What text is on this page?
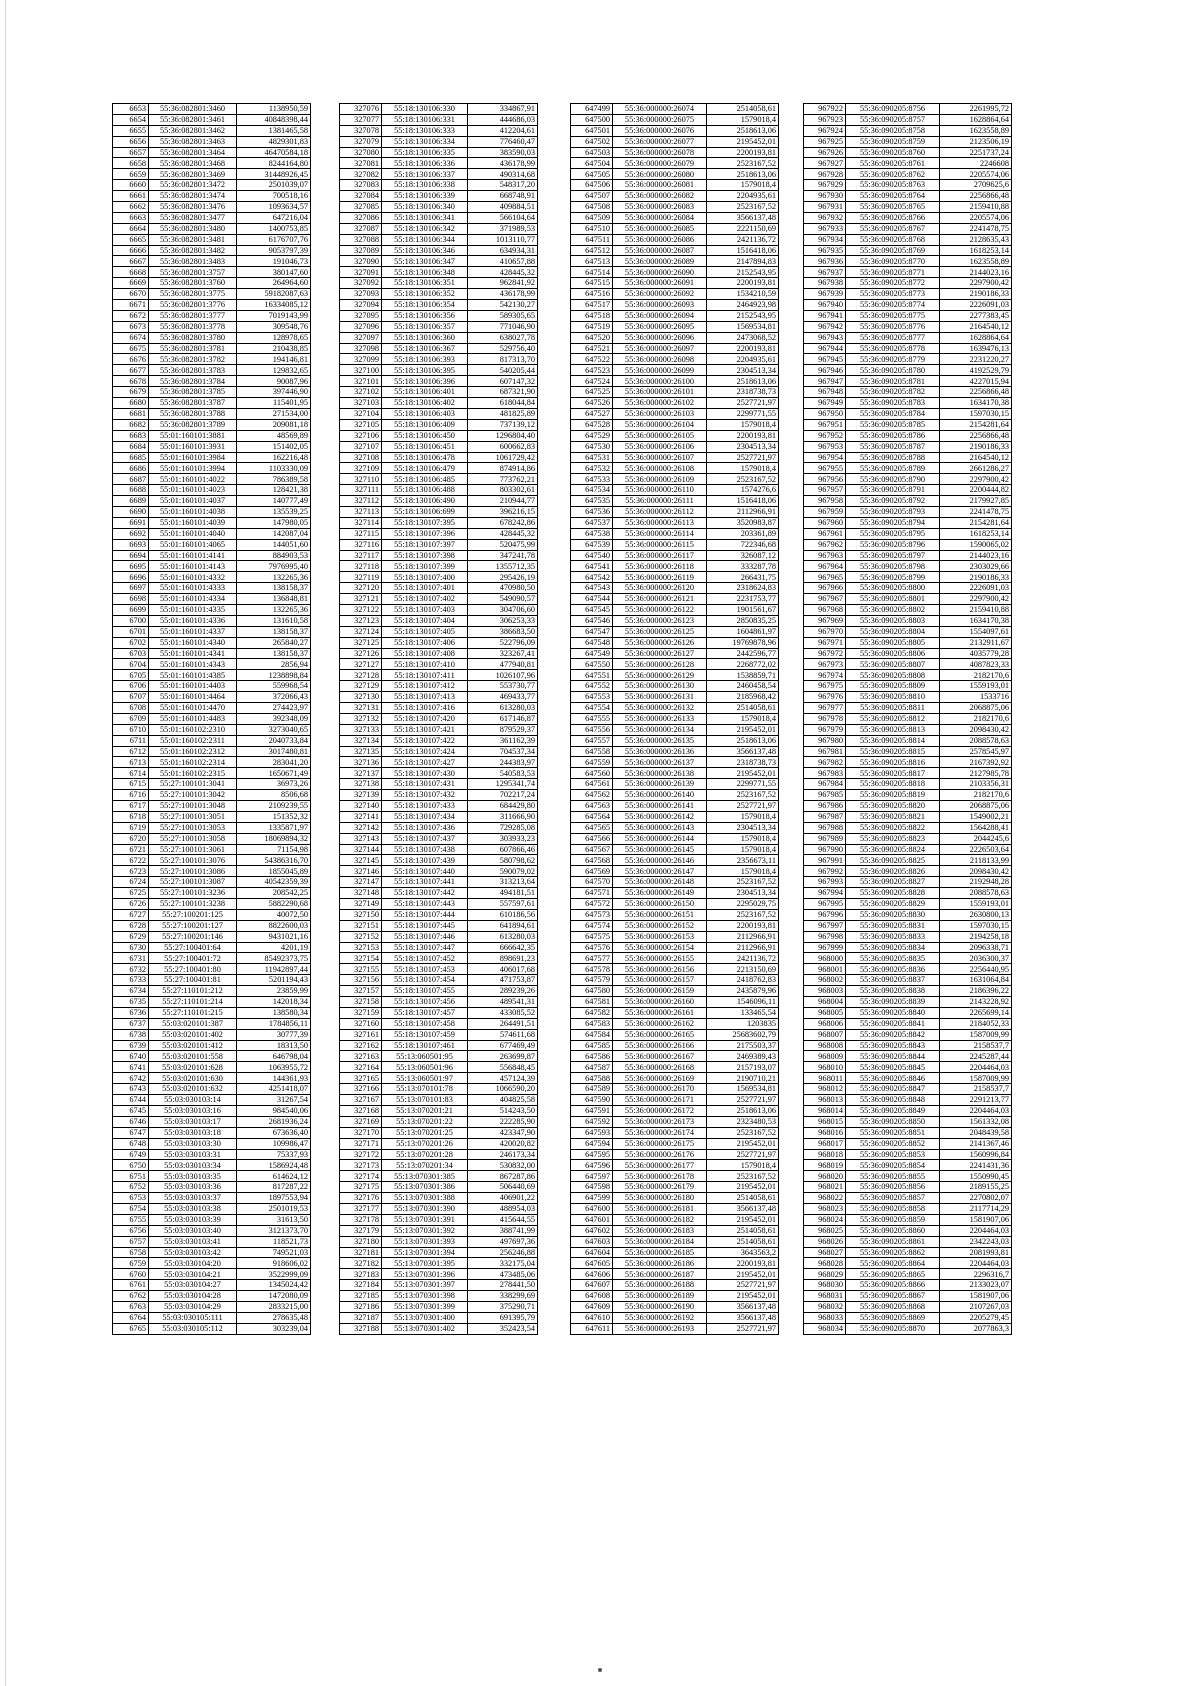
6653	55:36:082801:3460	1138950,59
6654	55:36:082801:3461	40848398,44
6655	55:36:082801:3462	1381465,58
6656	55:36:082801:3463	4829301,83
6657	55:36:082801:3464	46470584,18
6658	55:36:082801:3468	8244164,80
6659	55:36:082801:3469	31448926,45
6660	55:36:082801:3472	2501039,07
6661	55:36:082801:3474	700518,16
6662	55:36:082801:3476	1093634,57
6663	55:36:082801:3477	647216,04
6664	55:36:082801:3480	1400753,85
6665	55:36:082801:3481	6176707,76
6666	55:36:082801:3482	9053797,39
6667	55:36:082801:3483	191046,73
6668	55:36:082801:3757	380147,60
6669	55:36:082801:3760	264964,60
6670	55:36:082801:3775	59182087,63
6671	55:36:082801:3776	16334085,12
6672	55:36:082801:3777	7019143,99
6673	55:36:082801:3778	309548,76
6674	55:36:082801:3780	128978,65
6675	55:36:082801:3781	210438,85
6676	55:36:082801:3782	194146,81
6677	55:36:082801:3783	129832,65
6678	55:36:082801:3784	90087,96
6679	55:36:082801:3785	397446,90
6680	55:36:082801:3787	115401,95
6681	55:36:082801:3788	271534,00
6682	55:36:082801:3789	209081,18
6683	55:01:160101:3881	48569,89
6684	55:01:160101:3931	151402,05
6685	55:01:160101:3984	162216,48
6686	55:01:160101:3994	1103330,09
6687	55:01:160101:4022	786389,58
6688	55:01:160101:4023	128421,38
6689	55:01:160101:4037	140777,49
6690	55:01:160101:4038	135539,25
6691	55:01:160101:4039	147980,05
6692	55:01:160101:4040	142087,04
6693	55:01:160101:4065	144051,60
6694	55:01:160101:4141	884903,53
6695	55:01:160101:4143	7976995,40
6696	55:01:160101:4332	132265,36
6697	55:01:160101:4333	138158,37
6698	55:01:160101:4334	136848,81
6699	55:01:160101:4335	132265,36
6700	55:01:160101:4336	131610,58
6701	55:01:160101:4337	138158,37
6702	55:01:160101:4340	265840,27
6703	55:01:160101:4341	138158,37
6704	55:01:160101:4343	2856,94
6705	55:01:160101:4385	1238898,84
6706	55:01:160101:4403	559968,54
6707	55:01:160101:4464	372066,43
6708	55:01:160101:4470	274423,97
6709	55:01:160101:4483	392348,09
6710	55:01:160102:2310	3273040,65
6711	55:01:160102:2311	2040733,84
6712	55:01:160102:2312	3017480,81
6713	55:01:160102:2314	283041,20
6714	55:01:160102:2315	1650671,49
6715	55:27:100101:3041	36973,26
6716	55:27:100101:3042	8506,68
6717	55:27:100101:3048	2109239,55
6718	55:27:100101:3051	151352,32
6719	55:27:100101:3053	1335871,97
6720	55:27:100101:3058	18069894,32
6721	55:27:100101:3061	71154,98
6722	55:27:100101:3076	54386316,70
6723	55:27:100101:3086	1855045,89
6724	55:27:100101:3087	40542359,39
6725	55:27:100101:3236	208542,25
6726	55:27:100101:3238	5882290,68
6727	55:27:100201:125	40072,50
6728	55:27:100201:127	8822600,03
6729	55:27:100201:146	9431021,16
6730	55:27:100401:64	4201,19
6731	55:27:100401:72	85492373,75
6732	55:27:100401:80	11942897,44
6733	55:27:100401:81	5201194,43
6734	55:27:110101:212	23859,99
6735	55:27:110101:214	142018,34
6736	55:27:110101:215	138580,34
6737	55:03:020101:387	1784856,11
6738	55:03:020101:402	30777,39
6739	55:03:020101:412	18313,50
6740	55:03:020101:558	646798,04
6741	55:03:020101:628	1063955,72
6742	55:03:020101:630	144361,93
6743	55:03:020101:632	4251418,07
6744	55:03:030103:14	31267,54
6745	55:03:030103:16	984540,06
6746	55:03:030103:17	2681936,24
6747	55:03:030103:18	673636,40
6748	55:03:030103:30	109986,47
6749	55:03:030103:31	75337,93
6750	55:03:030103:34	1586924,48
6751	55:03:030103:35	614624,12
6752	55:03:030103:36	817287,22
6753	55:03:030103:37	1897553,94
6754	55:03:030103:38	2501019,53
6755	55:03:030103:39	31613,50
6756	55:03:030103:40	3121373,70
6757	55:03:030103:41	118521,73
6758	55:03:030103:42	749521,03
6759	55:03:030104:20	918606,02
6760	55:03:030104:21	3522999,09
6761	55:03:030104:27	1345024,42
6762	55:03:030104:28	1472080,09
6763	55:03:030104:29	2833215,00
6764	55:03:030105:111	278635,48
6765	55:03:030105:112	303239,04
327076	55:18:130106:330	334867,91
327077	55:18:130106:331	444686,03
327078	55:18:130106:333	412204,61
327079	55:18:130106:334	776460,47
327080	55:18:130106:335	383590,03
327081	55:18:130106:336	436178,99
327082	55:18:130106:337	490314,68
327083	55:18:130106:338	548317,20
327084	55:18:130106:339	668748,91
327085	55:18:130106:340	409884,51
327086	55:18:130106:341	566104,64
327087	55:18:130106:342	371989,53
327088	55:18:130106:344	1013110,77
327089	55:18:130106:346	634934,31
327090	55:18:130106:347	410657,88
327091	55:18:130106:348	428445,32
327092	55:18:130106:351	962841,92
327093	55:18:130106:352	436178,99
327094	55:18:130106:354	542130,27
327095	55:18:130106:356	589305,65
327096	55:18:130106:357	771046,90
327097	55:18:130106:360	638027,78
327098	55:18:130106:367	529756,40
327099	55:18:130106:393	817313,70
327100	55:18:130106:395	540205,44
327101	55:18:130106:396	607147,32
327102	55:18:130106:401	687321,90
327103	55:18:130106:402	618044,84
327104	55:18:130106:403	481825,89
327105	55:18:130106:409	737139,12
327106	55:18:130106:450	1296804,40
327107	55:18:130106:451	600662,83
327108	55:18:130106:478	1061729,42
327109	55:18:130106:479	874914,86
327110	55:18:130106:485	773762,21
327111	55:18:130106:488	803302,61
327112	55:18:130106:490	210944,77
327113	55:18:130106:699	396216,15
327114	55:18:130107:395	678242,86
327115	55:18:130107:396	428445,32
327116	55:18:130107:397	520475,99
327117	55:18:130107:398	347241,78
327118	55:18:130107:399	1355712,35
327119	55:18:130107:400	295426,19
327120	55:18:130107:401	470980,50
327121	55:18:130107:402	549090,57
327122	55:18:130107:403	304706,60
327123	55:18:130107:404	306253,33
327124	55:18:130107:405	386683,50
327125	55:18:130107:406	522796,09
327126	55:18:130107:408	323267,41
327127	55:18:130107:410	477940,81
327128	55:18:130107:411	1026107,96
327129	55:18:130107:412	553730,77
327130	55:18:130107:413	469433,77
327131	55:18:130107:416	613280,03
327132	55:18:130107:420	617146,87
327133	55:18:130107:421	879529,37
327134	55:18:130107:422	361162,39
327135	55:18:130107:424	704537,34
327136	55:18:130107:427	244383,97
327137	55:18:130107:430	540583,53
327138	55:18:130107:431	1295341,74
327139	55:18:130107:432	702217,24
327140	55:18:130107:433	684429,80
327141	55:18:130107:434	311666,90
327142	55:18:130107:436	729285,08
327143	55:18:130107:437	303933,23
327144	55:18:130107:438	607866,46
327145	55:18:130107:439	580798,62
327146	55:18:130107:440	590079,02
327147	55:18:130107:441	313213,64
327148	55:18:130107:442	494181,51
327149	55:18:130107:443	557597,61
327150	55:18:130107:444	610186,56
327151	55:18:130107:445	641894,61
327152	55:18:130107:446	613280,03
327153	55:18:130107:447	666642,35
327154	55:18:130107:452	898691,23
327155	55:18:130107:453	406017,68
327156	55:18:130107:454	471753,87
327157	55:18:130107:455	289239,26
327158	55:18:130107:456	489541,31
327159	55:18:130107:457	433085,52
327160	55:18:130107:458	264491,51
327161	55:18:130107:459	574611,68
327162	55:18:130107:461	677469,49
327163	55:13:060501:95	263699,87
327164	55:13:060501:96	556848,45
327165	55:13:060501:97	457124,39
327166	55:13:070101:78	1066590,20
327167	55:13:070101:83	404825,58
327168	55:13:070201:21	514243,50
327169	55:13:070201:22	222285,90
327170	55:13:070201:25	423347,90
327171	55:13:070201:26	420020,82
327172	55:13:070201:28	246173,34
327173	55:13:070201:34	530832,00
327174	55:13:070301:385	867287,86
327175	55:13:070301:386	506440,69
327176	55:13:070301:388	406901,22
327177	55:13:070301:390	488954,03
327178	55:13:070301:391	415644,55
327179	55:13:070301:392	388741,99
327180	55:13:070301:393	497697,36
327181	55:13:070301:394	256246,88
327182	55:13:070301:395	332175,04
327183	55:13:070301:396	473485,06
327184	55:13:070301:397	278441,50
327185	55:13:070301:398	338299,69
327186	55:13:070301:399	375290,71
327187	55:13:070301:400	691395,79
327188	55:13:070301:402	352423,54
647499	55:36:000000:26074	2514058,61
647500	55:36:000000:26075	1579018,4
647501	55:36:000000:26076	2518613,06
647502	55:36:000000:26077	2195452,01
647503	55:36:000000:26078	2200193,81
647504	55:36:000000:26079	2523167,52
647505	55:36:000000:26080	2518613,06
647506	55:36:000000:26081	1579018,4
647507	55:36:000000:26082	2204935,61
647508	55:36:000000:26083	2523167,52
647509	55:36:000000:26084	3566137,48
647510	55:36:000000:26085	2221150,69
647511	55:36:000000:26086	2421136,72
647512	55:36:000000:26087	1516418,06
647513	55:36:000000:26089	2147894,83
647514	55:36:000000:26090	2152543,95
647515	55:36:000000:26091	2200193,81
647516	55:36:000000:26092	1534210,59
647517	55:36:000000:26093	2464923,98
647518	55:36:000000:26094	2152543,95
647519	55:36:000000:26095	1569534,81
647520	55:36:000000:26096	2473068,52
647521	55:36:000000:26097	2200193,81
647522	55:36:000000:26098	2204935,61
647523	55:36:000000:26099	2304513,34
647524	55:36:000000:26100	2518613,06
647525	55:36:000000:26101	2318738,73
647526	55:36:000000:26102	2527721,97
647527	55:36:000000:26103	2299771,55
647528	55:36:000000:26104	1579018,4
647529	55:36:000000:26105	2200193,81
647530	55:36:000000:26106	2304513,34
647531	55:36:000000:26107	2527721,97
647532	55:36:000000:26108	1579018,4
647533	55:36:000000:26109	2523167,52
647534	55:36:000000:26110	1574276,6
647535	55:36:000000:26111	1516418,06
647536	55:36:000000:26112	2112966,91
647537	55:36:000000:26113	3520983,87
647538	55:36:000000:26114	203361,89
647539	55:36:000000:26115	722346,68
647540	55:36:000000:26117	326087,12
647541	55:36:000000:26118	333287,78
647542	55:36:000000:26119	266431,75
647543	55:36:000000:26120	2318624,83
647544	55:36:000000:26121	2231753,77
647545	55:36:000000:26122	1901561,67
647546	55:36:000000:26123	2850835,25
647547	55:36:000000:26125	1604861,97
647548	55:36:000000:26126	19769878,96
647549	55:36:000000:26127	2442596,77
647550	55:36:000000:26128	2268772,02
647551	55:36:000000:26129	1538859,71
647552	55:36:000000:26130	2460458,54
647553	55:36:000000:26131	2185968,42
647554	55:36:000000:26132	2514058,61
647555	55:36:000000:26133	1579018,4
647556	55:36:000000:26134	2195452,01
647557	55:36:000000:26135	2518613,06
647558	55:36:000000:26136	3566137,48
647559	55:36:000000:26137	2318738,73
647560	55:36:000000:26138	2195452,01
647561	55:36:000000:26139	2299771,55
647562	55:36:000000:26140	2523167,52
647563	55:36:000000:26141	2527721,97
647564	55:36:000000:26142	1579018,4
647565	55:36:000000:26143	2304513,34
647566	55:36:000000:26144	1579018,4
647567	55:36:000000:26145	1579018,4
647568	55:36:000000:26146	2356673,11
647569	55:36:000000:26147	1579018,4
647570	55:36:000000:26148	2523167,52
647571	55:36:000000:26149	2304513,34
647572	55:36:000000:26150	2295029,75
647573	55:36:000000:26151	2523167,52
647574	55:36:000000:26152	2200193,81
647575	55:36:000000:26153	2112966,91
647576	55:36:000000:26154	2112966,91
647577	55:36:000000:26155	2421136,72
647578	55:36:000000:26156	2213150,69
647579	55:36:000000:26157	2418762,83
647580	55:36:000000:26159	2435879,96
647581	55:36:000000:26160	1546096,11
647582	55:36:000000:26161	133465,54
647583	55:36:000000:26162	1203835
647584	55:36:000000:26165	25683602,79
647585	55:36:000000:26166	2175503,37
647586	55:36:000000:26167	2469389,43
647587	55:36:000000:26168	2157193,07
647588	55:36:000000:26169	2190710,21
647589	55:36:000000:26170	1569534,81
647590	55:36:000000:26171	2527721,97
647591	55:36:000000:26172	2518613,06
647592	55:36:000000:26173	2323480,53
647593	55:36:000000:26174	2523167,52
647594	55:36:000000:26175	2195452,01
647595	55:36:000000:26176	2527721,97
647596	55:36:000000:26177	1579018,4
647597	55:36:000000:26178	2523167,52
647598	55:36:000000:26179	2195452,01
647599	55:36:000000:26180	2514058,61
647600	55:36:000000:26181	3566137,48
647601	55:36:000000:26182	2195452,01
647602	55:36:000000:26183	2514058,61
647603	55:36:000000:26184	2514058,61
647604	55:36:000000:26185	3643563,2
647605	55:36:000000:26186	2200193,81
647606	55:36:000000:26187	2195452,01
647607	55:36:000000:26188	2527721,97
647608	55:36:000000:26189	2195452,01
647609	55:36:000000:26190	3566137,48
647610	55:36:000000:26192	3566137,48
647611	55:36:000000:26193	2527721,97
967922	55:36:090205:8756	2261995,72
967923	55:36:090205:8757	1628864,64
967924	55:36:090205:8758	1623558,89
967925	55:36:090205:8759	2123506,19
967926	55:36:090205:8760	2251737,24
967927	55:36:090205:8761	2246608
967928	55:36:090205:8762	2205574,06
967929	55:36:090205:8763	2709625,6
967930	55:36:090205:8764	2256866,48
967931	55:36:090205:8765	2159410,88
967932	55:36:090205:8766	2205574,06
967933	55:36:090205:8767	2241478,75
967934	55:36:090205:8768	2128635,43
967935	55:36:090205:8769	1618253,14
967936	55:36:090205:8770	1623558,89
967937	55:36:090205:8771	2144023,16
967938	55:36:090205:8772	2297900,42
967939	55:36:090205:8773	2190186,33
967940	55:36:090205:8774	2226091,03
967941	55:36:090205:8775	2277383,45
967942	55:36:090205:8776	2164540,12
967943	55:36:090205:8777	1628864,64
967944	55:36:090205:8778	1639476,13
967945	55:36:090205:8779	2231220,27
967946	55:36:090205:8780	4192529,79
967947	55:36:090205:8781	4227015,94
967948	55:36:090205:8782	2256866,48
967949	55:36:090205:8783	1634170,38
967950	55:36:090205:8784	1597030,15
967951	55:36:090205:8785	2154281,64
967952	55:36:090205:8786	2256866,48
967953	55:36:090205:8787	2190186,33
967954	55:36:090205:8788	2164540,12
967955	55:36:090205:8789	2661286,27
967956	55:36:090205:8790	2297900,42
967957	55:36:090205:8791	2200444,82
967958	55:36:090205:8792	2179927,85
967959	55:36:090205:8793	2241478,75
967960	55:36:090205:8794	2154281,64
967961	55:36:090205:8795	1618253,14
967962	55:36:090205:8796	1590065,02
967963	55:36:090205:8797	2144023,16
967964	55:36:090205:8798	2303029,66
967965	55:36:090205:8799	2190186,33
967966	55:36:090205:8800	2226091,03
967967	55:36:090205:8801	2297900,42
967968	55:36:090205:8802	2159410,88
967969	55:36:090205:8803	1634170,38
967970	55:36:090205:8804	1554097,61
967971	55:36:090205:8805	2132911,67
967972	55:36:090205:8806	4035779,28
967973	55:36:090205:8807	4087823,33
967974	55:36:090205:8808	2182170,6
967975	55:36:090205:8809	1559193,01
967976	55:36:090205:8810	1533716
967977	55:36:090205:8811	2068875,06
967978	55:36:090205:8812	2182170,6
967979	55:36:090205:8813	2098430,42
967980	55:36:090205:8814	2088578,63
967981	55:36:090205:8815	2578545,97
967982	55:36:090205:8816	2167392,92
967983	55:36:090205:8817	2127985,78
967984	55:36:090205:8818	2103356,31
967985	55:36:090205:8819	2182170,6
967986	55:36:090205:8820	2068875,06
967987	55:36:090205:8821	1549002,21
967988	55:36:090205:8822	1564288,41
967989	55:36:090205:8823	2044245,6
967990	55:36:090205:8824	2226503,64
967991	55:36:090205:8825	2118133,99
967992	55:36:090205:8826	2098430,42
967993	55:36:090205:8827	2192948,28
967994	55:36:090205:8828	2088578,63
967995	55:36:090205:8829	1559193,01
967996	55:36:090205:8830	2630800,13
967997	55:36:090205:8831	1597030,15
967998	55:36:090205:8833	2194258,18
967999	55:36:090205:8834	2096338,71
968000	55:36:090205:8835	2036300,37
968001	55:36:090205:8836	2256440,95
968002	55:36:090205:8837	1631064,84
968003	55:36:090205:8838	2186396,22
968004	55:36:090205:8839	2143228,92
968005	55:36:090205:8840	2265699,14
968006	55:36:090205:8841	2184052,33
968007	55:36:090205:8842	1587009,99
968008	55:36:090205:8843	2158537,7
968009	55:36:090205:8844	2245287,44
968010	55:36:090205:8845	2204464,03
968011	55:36:090205:8846	1587009,99
968012	55:36:090205:8847	2158537,7
968013	55:36:090205:8848	2291213,77
968014	55:36:090205:8849	2204464,03
968015	55:36:090205:8850	1561332,08
968016	55:36:090205:8851	2048439,58
968017	55:36:090205:8852	2141367,46
968018	55:36:090205:8853	1560996,84
968019	55:36:090205:8854	2241431,36
968020	55:36:090205:8855	1550990,45
968021	55:36:090205:8856	2189155,25
968022	55:36:090205:8857	2270802,07
968023	55:36:090205:8858	2117714,29
968024	55:36:090205:8859	1581907,06
968025	55:36:090205:8860	2204464,03
968026	55:36:090205:8861	2342243,03
968027	55:36:090205:8862	2081993,81
968028	55:36:090205:8864	2204464,03
968029	55:36:090205:8865	2296316,7
968030	55:36:090205:8866	2133023,07
968031	55:36:090205:8867	1581907,06
968032	55:36:090205:8868	2107267,03
968033	55:36:090205:8869	2205279,45
968034	55:36:090205:8870	2077863,3
